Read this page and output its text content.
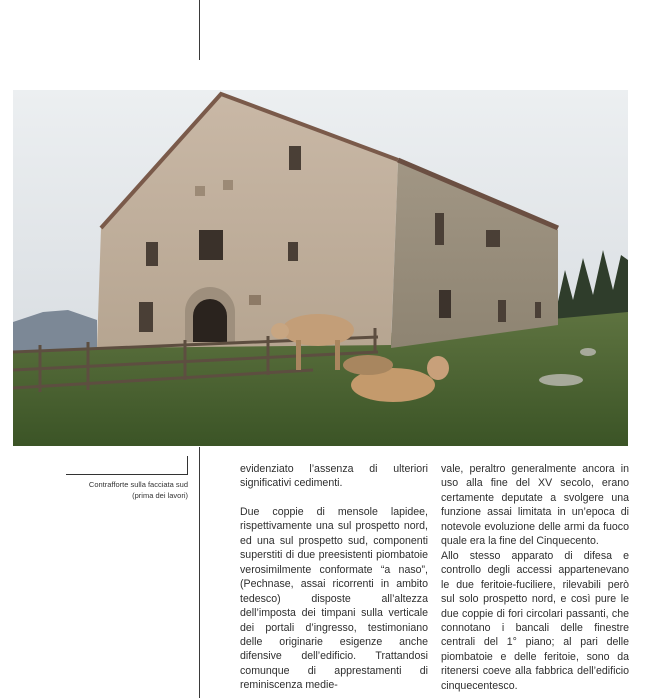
Contrafforte sulla facciata sud
(prima dei lavori)

evidenziato l’assenza di ulteriori significativi cedimenti.

Due coppie di mensole lapidee, rispettivamente una sul prospetto nord, ed una sul prospetto sud, componenti superstiti di due preesistenti piombatoie verosimilmente conformate “a naso”, (Pechnase, assai ricorrenti in ambito tedesco) disposte all’altezza dell’imposta dei timpani sulla verticale dei portali d’ingresso, testimoniano delle originarie esigenze anche difensive dell’edificio. Trattandosi comunque di apprestamenti di reminiscenza medie-

vale, peraltro generalmente ancora in uso alla fine del XV secolo, erano certamente deputate a svolgere una funzione assai limitata in un’epoca di notevole evoluzione delle armi da fuoco quale era la fine del Cinquecento.

Allo stesso apparato di difesa e controllo degli accessi appartenevano le due feritoie-fuciliere, rilevabili però sul solo prospetto nord, e così pure le due coppie di fori circolari passanti, che connotano i bancali delle finestre centrali del 1° piano; al pari delle piombatoie e delle feritoie, sono da ritenersi coeve alla fabbrica dell’edificio cinquecentesco.
